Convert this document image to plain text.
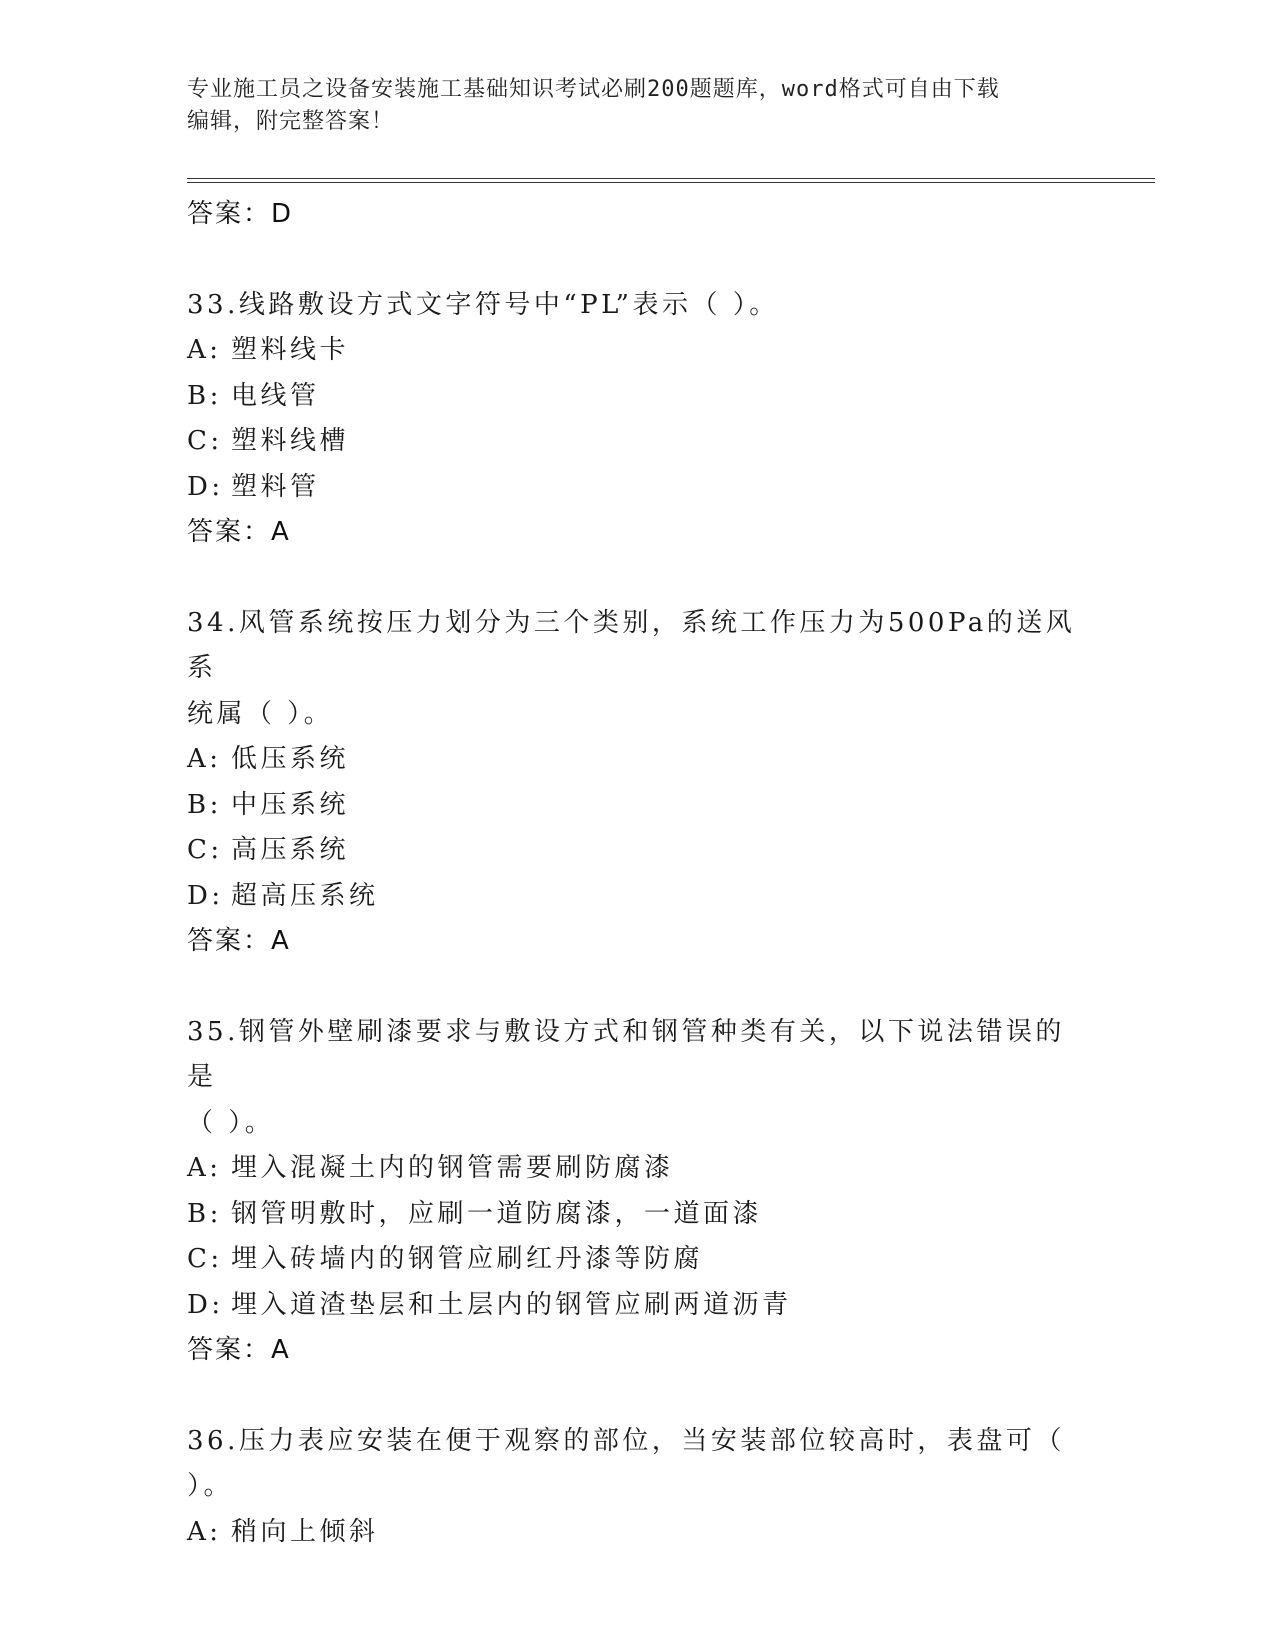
专业施工员之设备安装施工基础知识考试必刷200题题库，word格式可自由下载
编辑，附完整答案！
答案：D
33.线路敷设方式文字符号中“PL”表示（ ）。
A: 塑料线卡
B: 电线管
C: 塑料线槽
D: 塑料管
答案：A
34.风管系统按压力划分为三个类别，系统工作压力为500Pa的送风系
统属（ ）。
A: 低压系统
B: 中压系统
C: 高压系统
D: 超高压系统
答案：A
35.钢管外壁刷漆要求与敷设方式和钢管种类有关，以下说法错误的是
（ ）。
A: 埋入混凝土内的钢管需要刷防腐漆
B: 钢管明敷时，应刷一道防腐漆，一道面漆
C: 埋入砖墙内的钢管应刷红丹漆等防腐
D: 埋入道渣垫层和土层内的钢管应刷两道沥青
答案：A
36.压力表应安装在便于观察的部位，当安装部位较高时，表盘可（
）。
A: 稍向上倾斜
